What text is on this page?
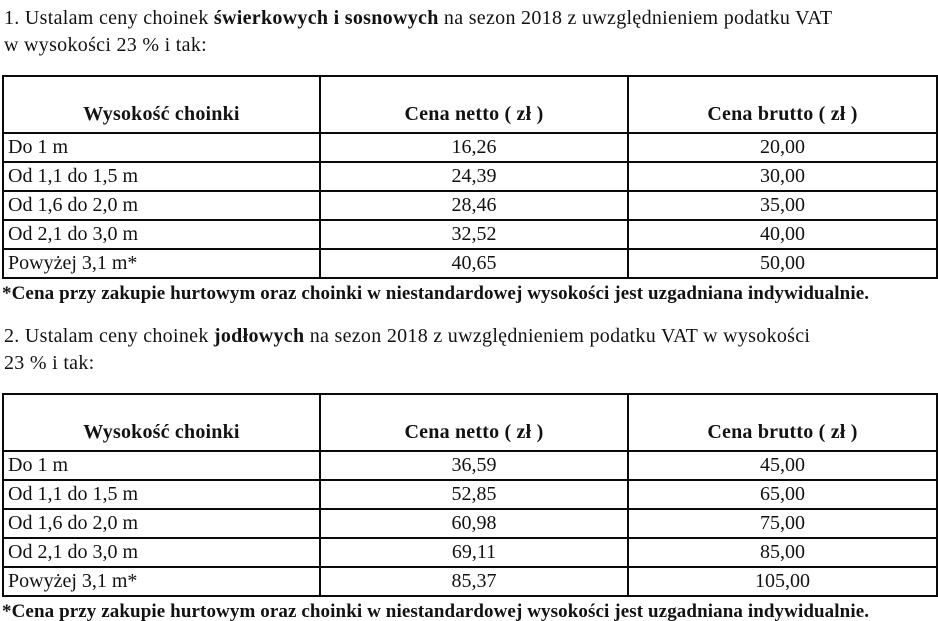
1. Ustalam ceny choinek świerkowych i sosnowych na sezon 2018 z uwzględnieniem podatku VAT
w wysokości 23 % i tak:

Wysokość choinki	Cena netto ( zł )	Cena brutto ( zł )
Do 1 m	16,26	20,00
Od 1,1 do 1,5 m	24,39	30,00
Od 1,6 do 2,0 m	28,46	35,00
Od 2,1 do 3,0 m	32,52	40,00
Powyżej 3,1 m*	40,65	50,00

*Cena przy zakupie hurtowym oraz choinki w niestandardowej wysokości jest uzgadniana indywidualnie.

2. Ustalam ceny choinek jodłowych na sezon 2018 z uwzględnieniem podatku VAT w wysokości
23 % i tak:

Wysokość choinki	Cena netto ( zł )	Cena brutto ( zł )
Do 1 m	36,59	45,00
Od 1,1 do 1,5 m	52,85	65,00
Od 1,6 do 2,0 m	60,98	75,00
Od 2,1 do 3,0 m	69,11	85,00
Powyżej 3,1 m*	85,37	105,00

*Cena przy zakupie hurtowym oraz choinki w niestandardowej wysokości jest uzgadniana indywidualnie.
